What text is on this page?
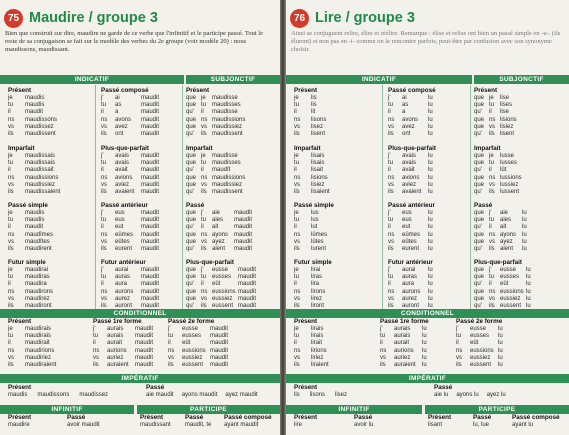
75 Maudire / groupe 3
Bien que construit sur dire, maudire ne garde de ce verbe que l'infinitif et le participe passé. Tout le reste de sa conjugaison se fait sur le modèle des verbes du 2e groupe (voir modèle 20) : nous maudissons, maudissant.
INDICATIF	SUBJONCTIF
Présent
je	maudis
tu	maudis
il	maudit
ns	maudissons
vs	maudissez
ils	maudissent
Imparfait
je	maudissais
tu	maudissais
il	maudissait
ns	maudissions
vs	maudissiez
ils	maudissaient
Passé simple
je	maudis
tu	maudis
il	maudit
ns	maudîmes
vs	maudîtes
ils	maudirent
Futur simple
je	maudirai
tu	maudiras
il	maudira
ns	maudirons
vs	maudirez
ils	maudiront
Passé composé
j'	ai	maudit
tu	as	maudit
il	a	maudit
ns	avons	maudit
vs	avez	maudit
ils	ont	maudit
Plus-que-parfait
j'	avais	maudit
tu	avais	maudit
il	avait	maudit
ns	avions	maudit
vs	aviez	maudit
ils	avaient	maudit
Passé antérieur
j'	eus	maudit
tu	eus	maudit
il	eut	maudit
ns	eûmes	maudit
vs	eûtes	maudit
ils	eurent	maudit
Futur antérieur
j'	aurai	maudit
tu	auras	maudit
il	aura	maudit
ns	aurons	maudit
vs	aurez	maudit
ils	auront	maudit
Présent
que je	maudisse
que tu maudisses
qu'	il	maudisse
que ns maudissions
que vs maudissiez
qu'	ils maudissent
Imparfait
que je	maudisse
que tu maudisses
qu'	il	maudît
que ns maudissions
que vs maudissiez
qu'	ils maudissent
Passé
que j'	aie	maudit
que tu aies	maudit
qu'	il	ait	maudit
que ns ayons maudit
que vs ayez	maudit
qu'	ils aient	maudit
Plus-que-parfait
que j'	eusse	maudit
que tu eusses	maudit
qu'	il	eût	maudit
que ns eussions maudit
que vs eussiez maudit
qu'	ils eussent maudit
CONDITIONNEL
Présent
je	maudirais
tu	maudirais
il	maudirait
ns	maudirions
vs	maudiriez
ils	maudiraient
Passé 1re forme
j'	aurais	maudit
tu	aurais	maudit
il	aurait	maudit
ns	aurions	maudit
vs	auriez	maudit
ils	auraient	maudit
Passé 2e forme
j'	eusse	maudit
tu	eusses	maudit
il	eût	maudit
ns	eussions maudit
vs	eussiez	maudit
ils	eussent	maudit
IMPÉRATIF
Présent
maudis maudissons maudissez
Passé
aie maudit ayons maudit ayez maudit
INFINITIF	PARTICIPE
Présent
maudire
Passé
avoir maudit
Présent
maudissant
Passé
maudit, te
Passé composé
ayant maudit
76 Lire / groupe 3
Ainsi se conjuguent relire, élire et réélire. Remarque : élise et relise ont bien un passé simple en -u-. (ils élurent) et non pas en -i- comme on le rencontre parfois, peut-être par confusion avec son synonyme choisir.
INDICATIF	SUBJONCTIF
Présent
je	lis
tu	lis
il	lit
ns	lisons
vs	lisez
ils	lisent
Imparfait
je	lisais
tu	lisais
il	lisait
ns	lisions
vs	lisiez
ils	lisaient
Passé simple
je	lus
tu	lus
il	lut
ns	lûmes
vs	lûtes
ils	lurent
Futur simple
je	lirai
tu	liras
il	lira
ns	lirons
vs	lirez
ils	liront
Passé composé
j'	ai	lu
tu	as	lu
il	a	lu
ns	avons	lu
vs	avez	lu
ils	ont	lu
Plus-que-parfait
j'	avais	lu
tu	avais	lu
il	avait	lu
ns	avions	lu
vs	aviez	lu
ils	avaient	lu
Passé antérieur
j'	eus	lu
tu	eus	lu
il	eut	lu
ns	eûmes	lu
vs	eûtes	lu
ils	eurent	lu
Futur antérieur
j'	aurai	lu
tu	auras	lu
il	aura	lu
ns	aurons	lu
vs	aurez	lu
ils	auront	lu
Présent
que je	lise
que tu lises
qu'	il	lise
que ns lisions
que vs lisiez
qu'	ils lisent
Imparfait
que je	lusse
que tu lusses
qu'	il	lût
que ns lussions
que vs lussiez
qu'	ils lussent
Passé
que j'	aie	lu
que tu aies	lu
qu'	il	ait	lu
que ns ayons lu
que vs ayez	lu
qu'	ils aient	lu
Plus-que-parfait
que j'	eusse	lu
que tu eusses	lu
qu'	il	eût	lu
que ns eussions lu
que vs eussiez lu
qu'	ils eussent lu
CONDITIONNEL
Présent
je	lirais
tu	lirais
il	lirait
ns	lirions
vs	liriez
ils	liraient
Passé 1re forme
j'	aurais	lu
tu	aurais	lu
il	aurait	lu
ns	aurions	lu
vs	auriez	lu
ils	auraient	lu
Passé 2e forme
j'	eusse	lu
tu	eusses	lu
il	eût	lu
ns	eussions lu
vs	eussiez	lu
ils	eussent	lu
IMPÉRATIF
Présent
lis lisons lisez
Passé
aie lu ayons lu ayez lu
INFINITIF	PARTICIPE
Présent
lire
Passé
avoir lu
Présent
lisant
Passé
lu, lue
Passé composé
ayant lu
